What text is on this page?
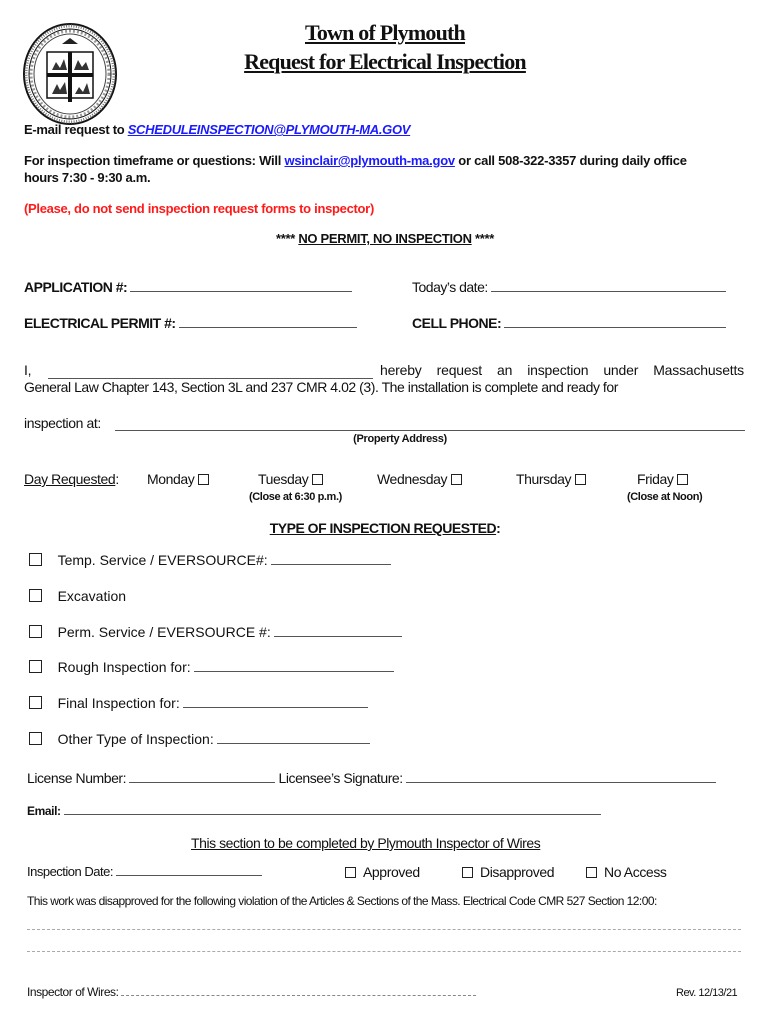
Town of Plymouth
Request for Electrical Inspection
E-mail request to SCHEDULEINSPECTION@PLYMOUTH-MA.GOV
For inspection timeframe or questions: Will wsinclair@plymouth-ma.gov or call 508-322-3357 during daily office
hours 7:30 - 9:30 a.m.
(Please, do not send inspection request forms to inspector)
**** NO PERMIT, NO INSPECTION ****
APPLICATION #:	Today’s date:
ELECTRICAL PERMIT #:	CELL PHONE:
I,	hereby request an inspection under Massachusetts
General Law Chapter 143, Section 3L and 237 CMR 4.02 (3). The installation is complete and ready for
inspection at:
(Property Address)
Day Requested: Monday	Tuesday
(Close at 6:30 p.m.)
Wednesday	Thursday	Friday
(Close at Noon)
TYPE OF INSPECTION REQUESTED:
Temp. Service / EVERSOURCE#:
Excavation
Perm. Service / EVERSOURCE #:
Rough Inspection for:
Final Inspection for:
Other Type of Inspection:
License Number:	Licensee’s Signature:
Email:
This section to be completed by Plymouth Inspector of Wires
Inspection Date:	Approved	Disapproved	No Access
This work was disapproved for the following violation of the Articles & Sections of the Mass. Electrical Code CMR 527 Section 12:00:
Inspector of Wires:	Rev. 12/13/21
